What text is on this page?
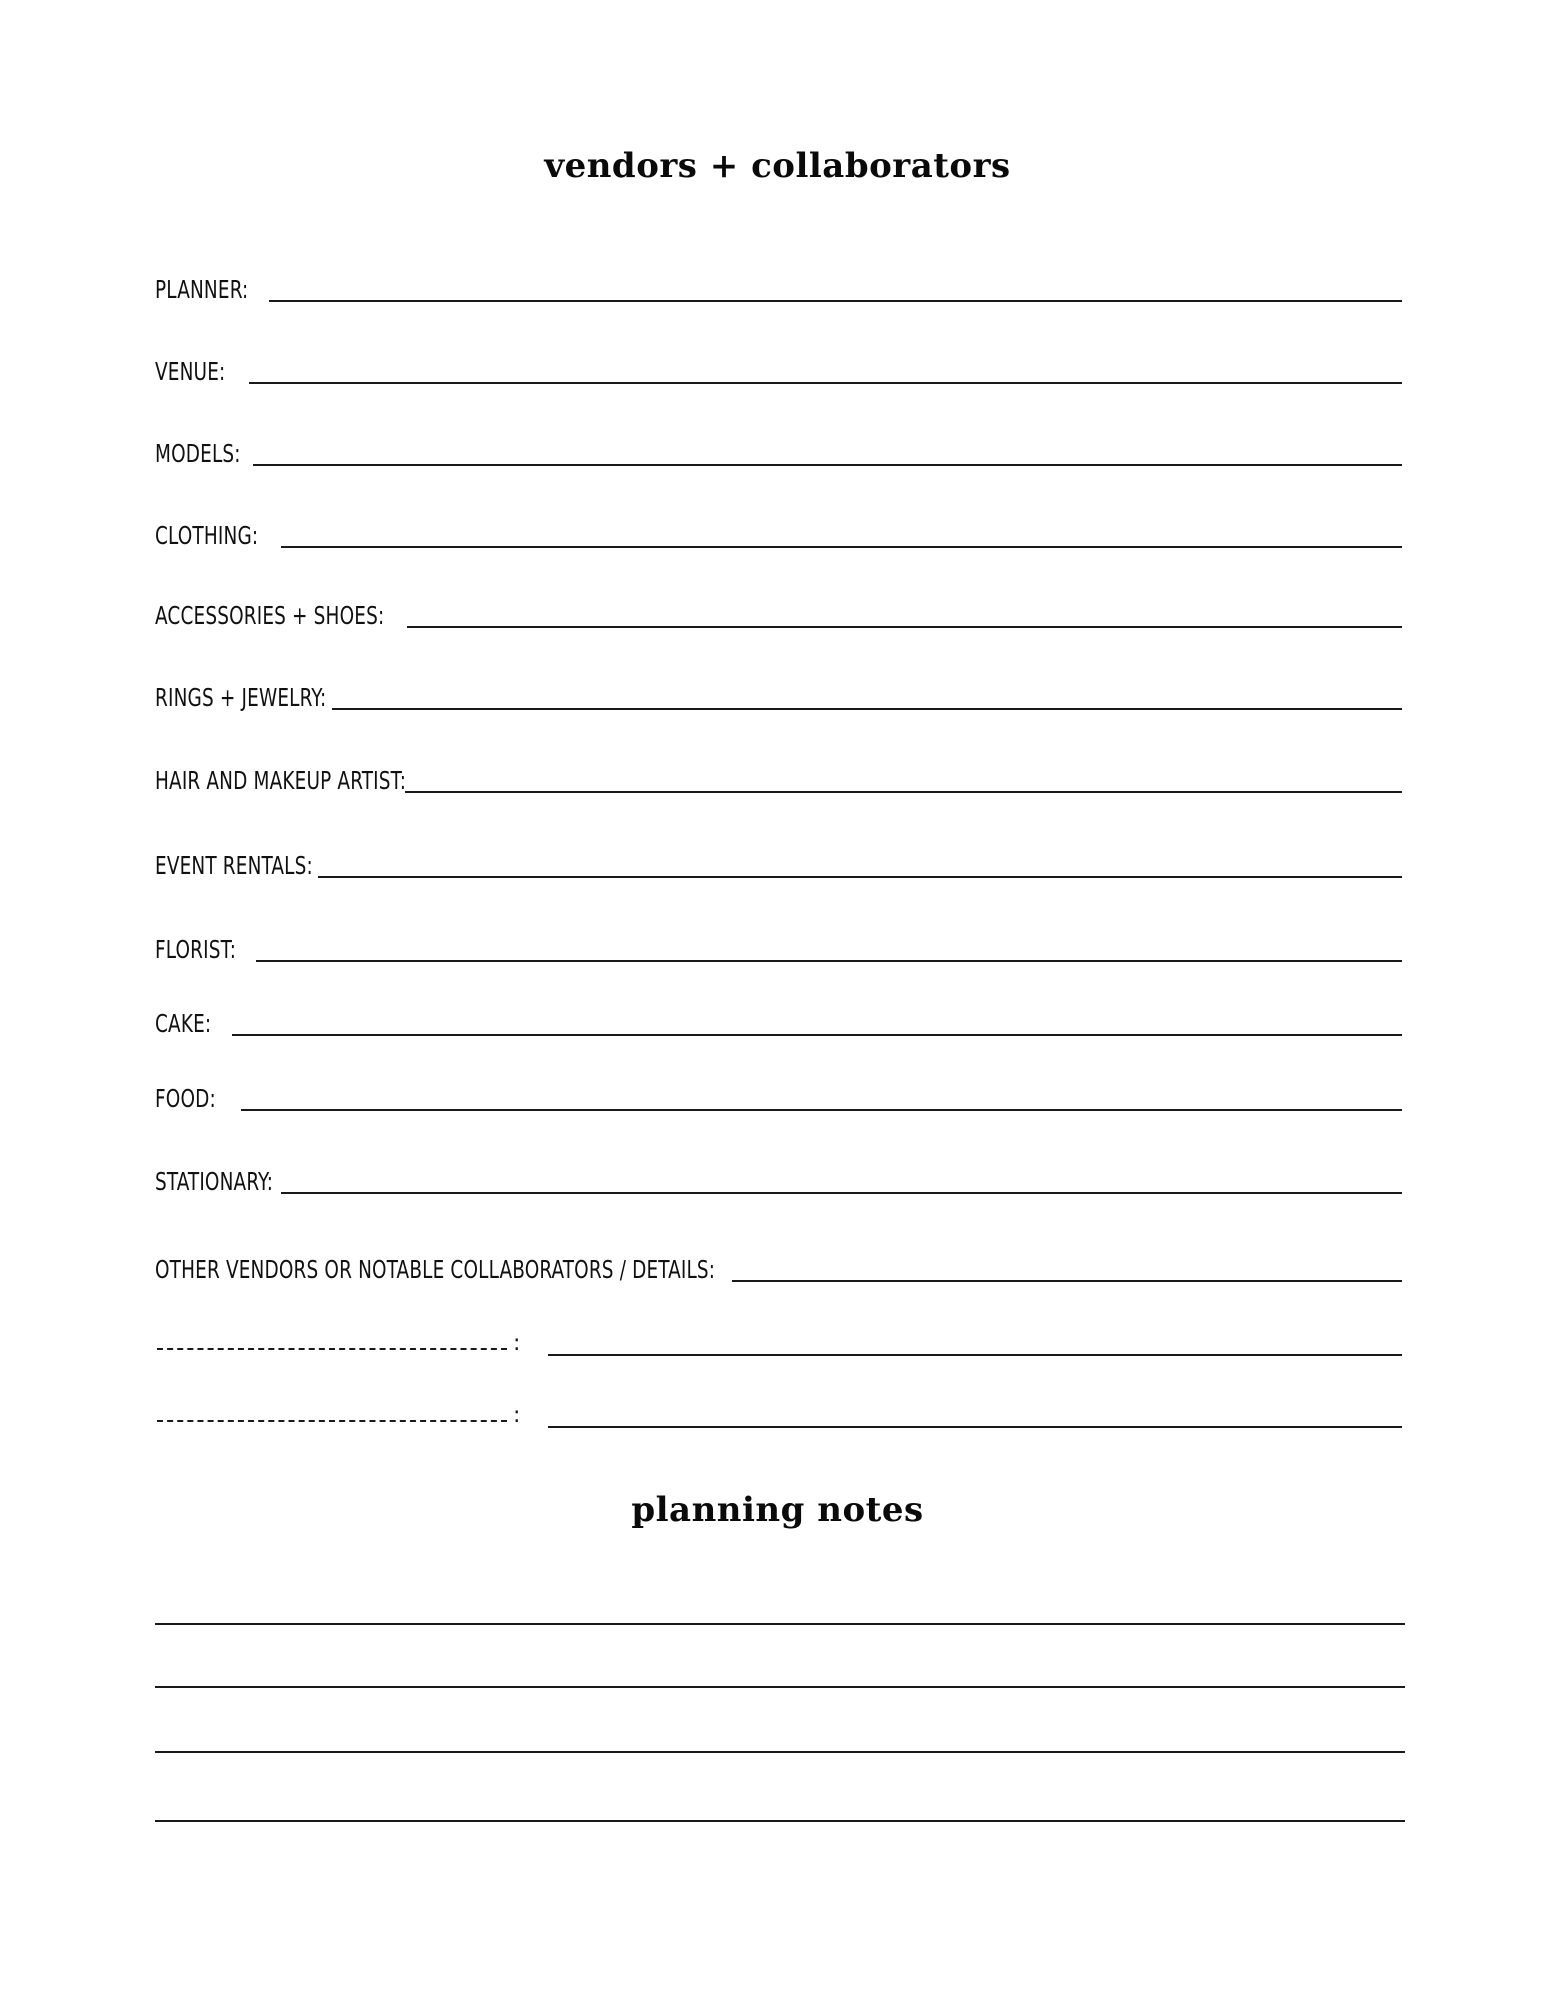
vendors + collaborators
PLANNER:
VENUE:
MODELS:
CLOTHING:
ACCESSORIES + SHOES:
RINGS + JEWELRY:
HAIR AND MAKEUP ARTIST:
EVENT RENTALS:
FLORIST:
CAKE:
FOOD:
STATIONARY:
OTHER VENDORS OR NOTABLE COLLABORATORS / DETAILS:
:
:
planning notes
